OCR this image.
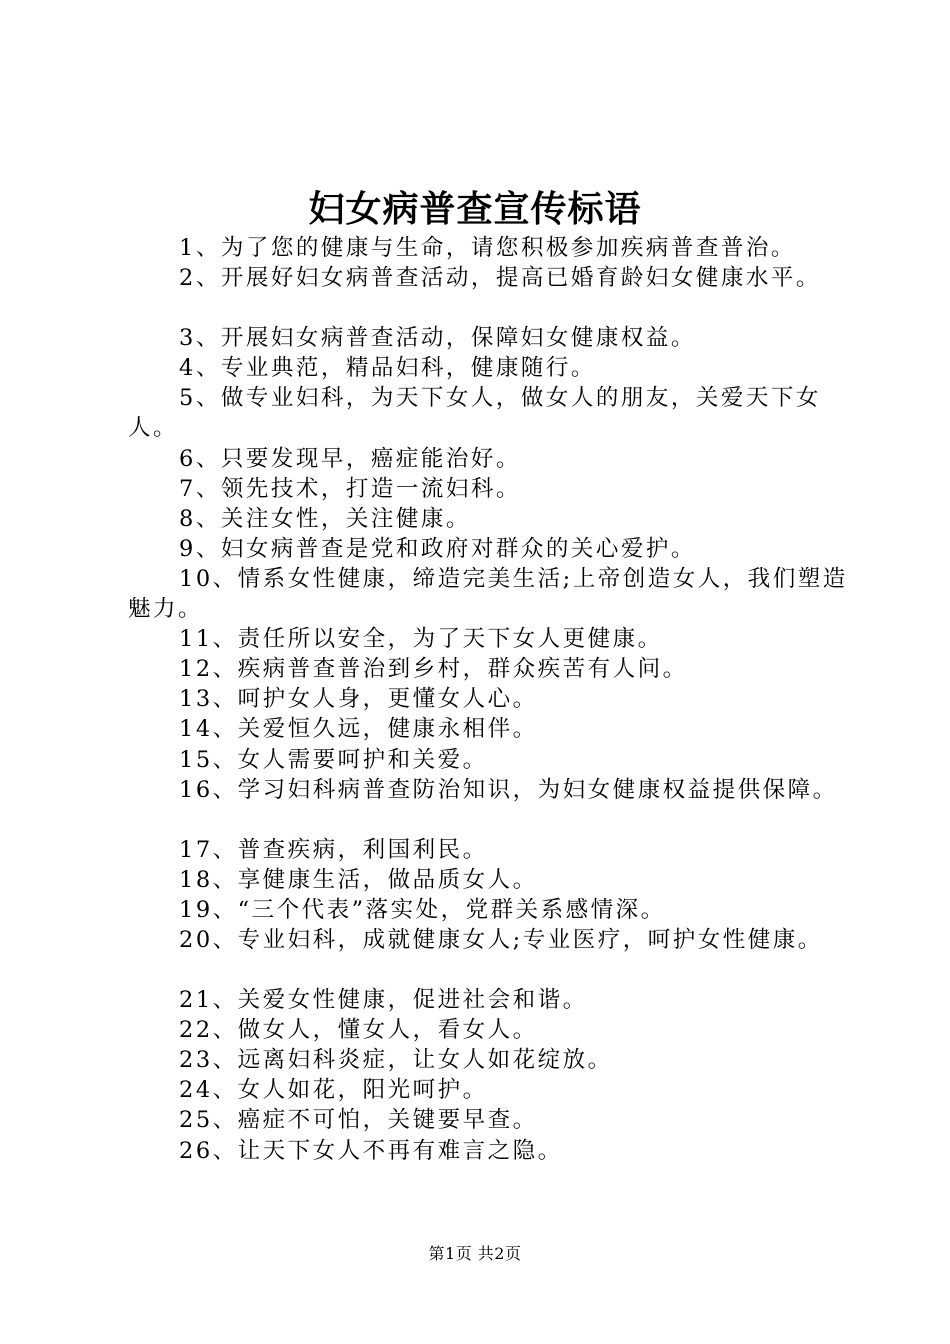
妇女病普查宣传标语

1、为了您的健康与生命，请您积极参加疾病普查普治。

2、开展好妇女病普查活动，提高已婚育龄妇女健康水平。

3、开展妇女病普查活动，保障妇女健康权益。

4、专业典范，精品妇科，健康随行。

5、做专业妇科，为天下女人，做女人的朋友，关爱天下女人。

6、只要发现早，癌症能治好。

7、领先技术，打造一流妇科。

8、关注女性，关注健康。

9、妇女病普查是党和政府对群众的关心爱护。

10、情系女性健康，缔造完美生活;上帝创造女人，我们塑造魅力。

11、责任所以安全，为了天下女人更健康。

12、疾病普查普治到乡村，群众疾苦有人问。

13、呵护女人身，更懂女人心。

14、关爱恒久远，健康永相伴。

15、女人需要呵护和关爱。

16、学习妇科病普查防治知识，为妇女健康权益提供保障。

17、普查疾病，利国利民。

18、享健康生活，做品质女人。

19、“三个代表”落实处，党群关系感情深。

20、专业妇科，成就健康女人;专业医疗，呵护女性健康。

21、关爱女性健康，促进社会和谐。

22、做女人，懂女人，看女人。

23、远离妇科炎症，让女人如花绽放。

24、女人如花，阳光呵护。

25、癌症不可怕，关键要早查。

26、让天下女人不再有难言之隐。

第1页 共2页
